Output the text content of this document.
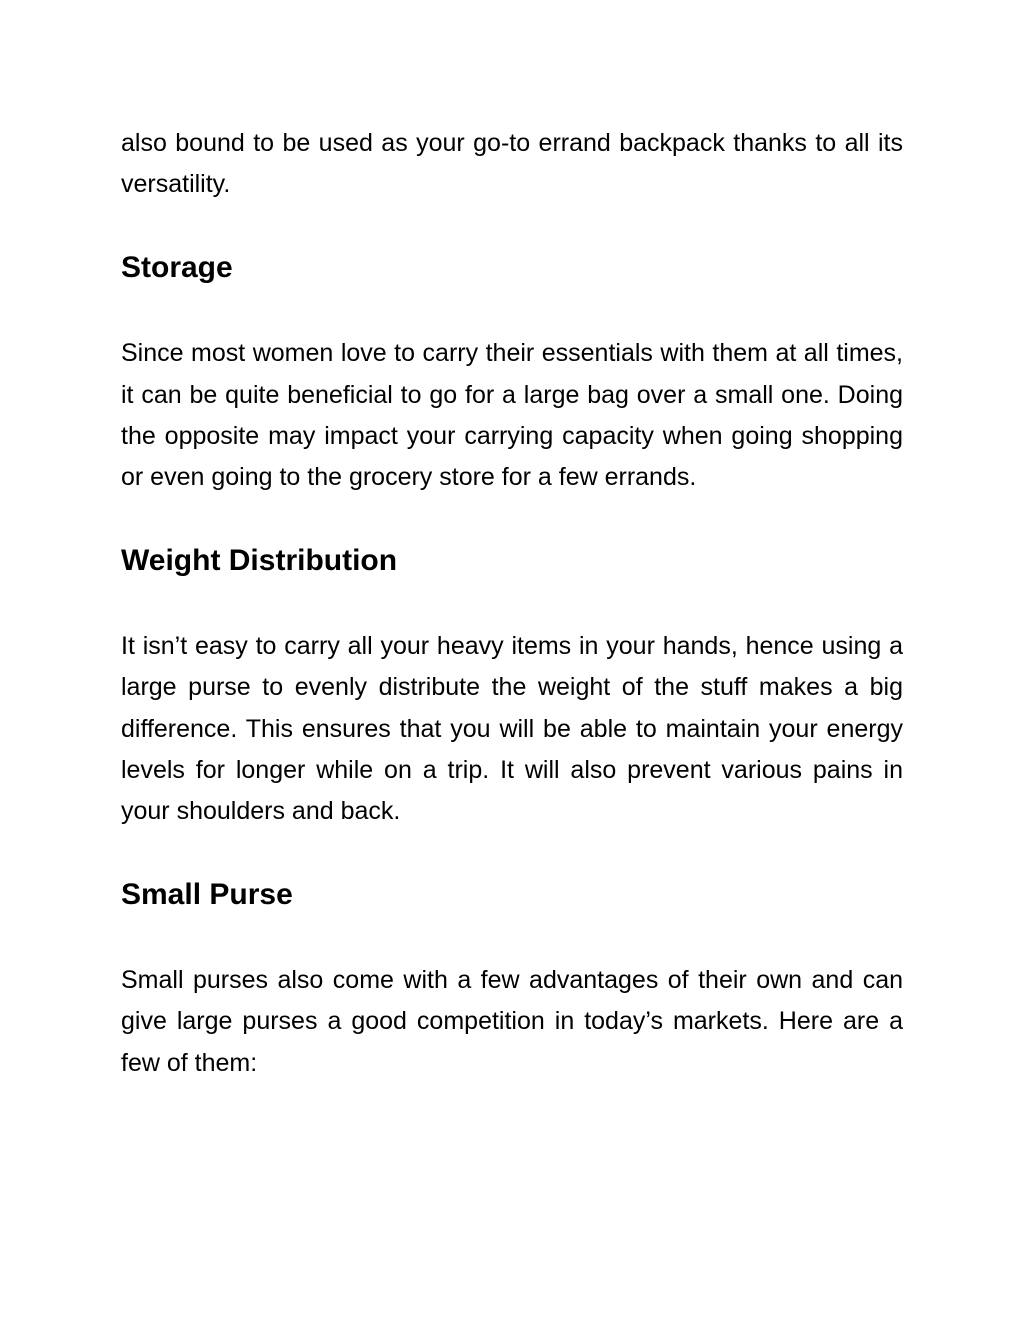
also bound to be used as your go-to errand backpack thanks to all its versatility.

Storage

Since most women love to carry their essentials with them at all times, it can be quite beneficial to go for a large bag over a small one. Doing the opposite may impact your carrying capacity when going shopping or even going to the grocery store for a few errands.

Weight Distribution

It isn’t easy to carry all your heavy items in your hands, hence using a large purse to evenly distribute the weight of the stuff makes a big difference. This ensures that you will be able to maintain your energy levels for longer while on a trip. It will also prevent various pains in your shoulders and back.

Small Purse

Small purses also come with a few advantages of their own and can give large purses a good competition in today’s markets. Here are a few of them:
